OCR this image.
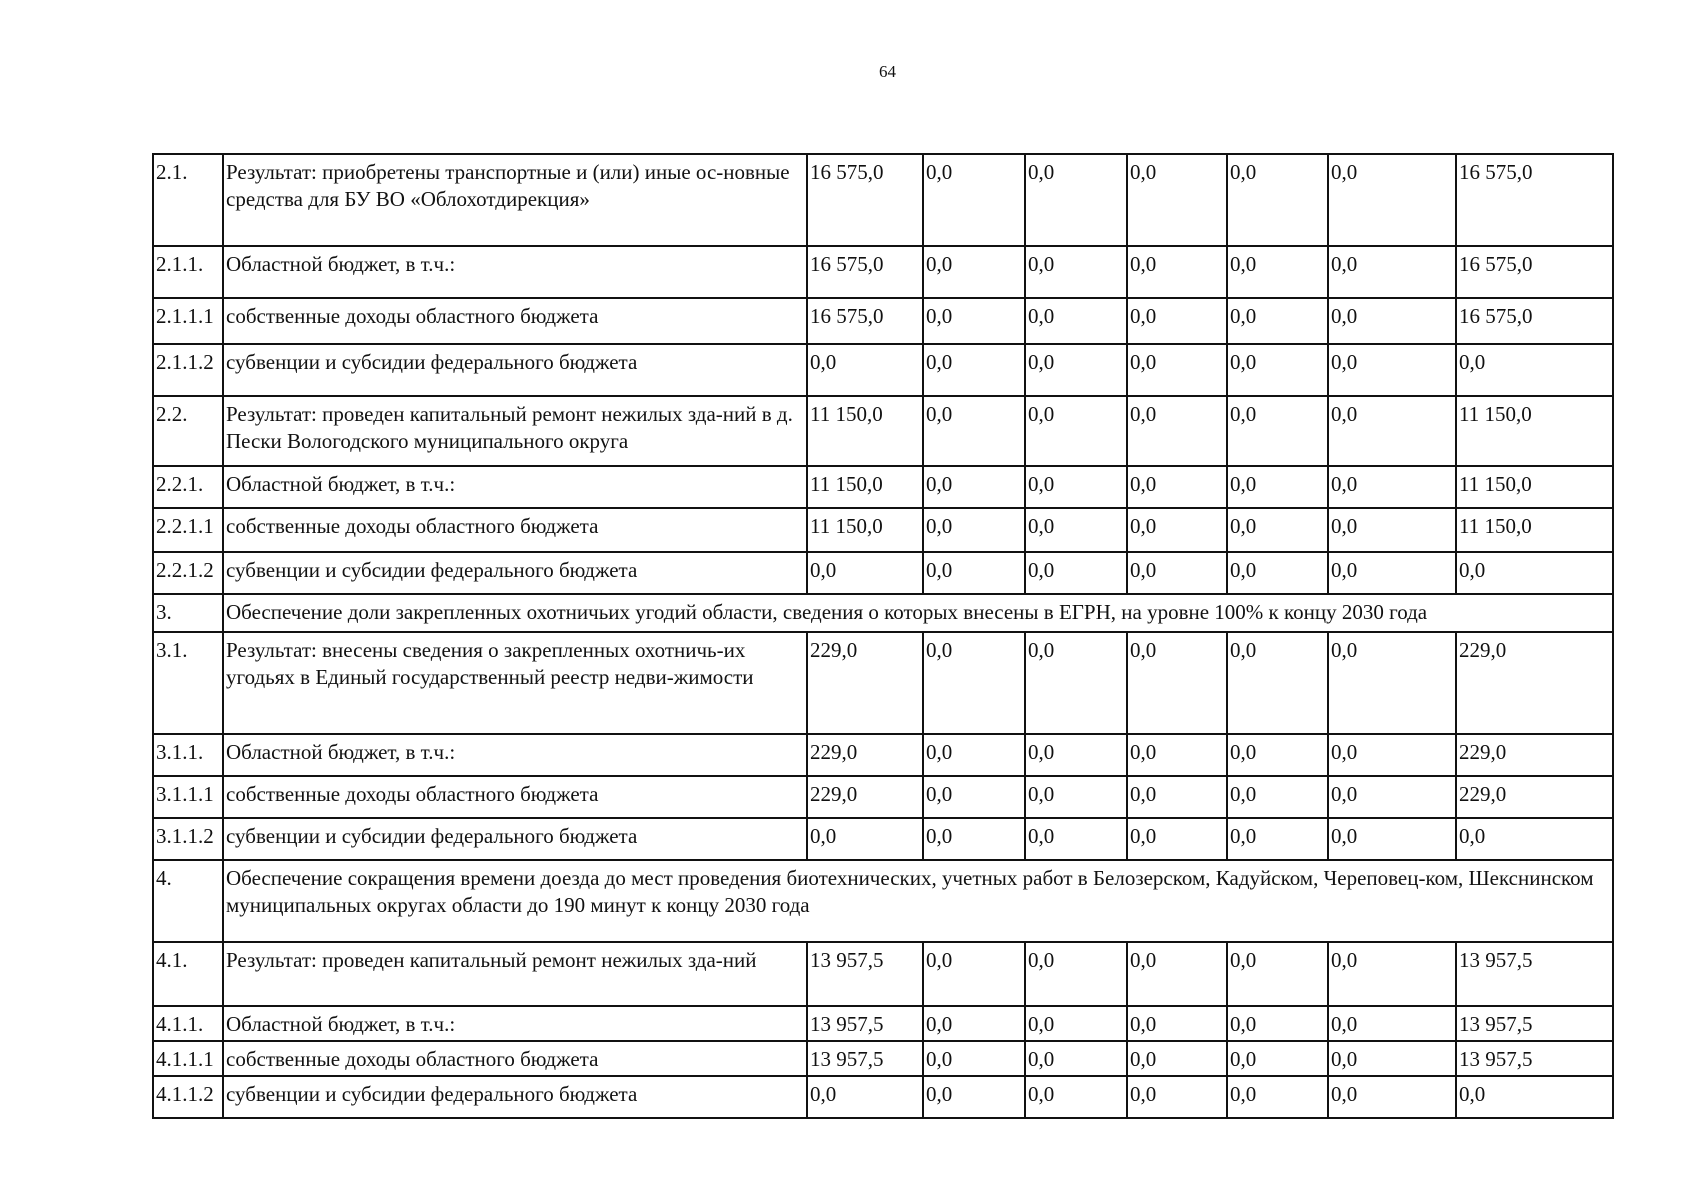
64
2.1.	Результат: приобретены транспортные и (или) иные ос-новные средства для БУ ВО «Облохотдирекция»	16 575,0	0,0	0,0	0,0	0,0	0,0	16 575,0
2.1.1.	Областной бюджет, в т.ч.:	16 575,0	0,0	0,0	0,0	0,0	0,0	16 575,0
2.1.1.1	собственные доходы областного бюджета	16 575,0	0,0	0,0	0,0	0,0	0,0	16 575,0
2.1.1.2	субвенции и субсидии федерального бюджета	0,0	0,0	0,0	0,0	0,0	0,0	0,0
2.2.	Результат: проведен капитальный ремонт нежилых зда-ний в д. Пески Вологодского муниципального округа	11 150,0	0,0	0,0	0,0	0,0	0,0	11 150,0
2.2.1.	Областной бюджет, в т.ч.:	11 150,0	0,0	0,0	0,0	0,0	0,0	11 150,0
2.2.1.1	собственные доходы областного бюджета	11 150,0	0,0	0,0	0,0	0,0	0,0	11 150,0
2.2.1.2	субвенции и субсидии федерального бюджета	0,0	0,0	0,0	0,0	0,0	0,0	0,0
3.	Обеспечение доли закрепленных охотничьих угодий области, сведения о которых внесены в ЕГРН, на уровне 100% к концу 2030 года							
3.1.	Результат: внесены сведения о закрепленных охотничь-их угодьях в Единый государственный реестр недви-жимости	229,0	0,0	0,0	0,0	0,0	0,0	229,0
3.1.1.	Областной бюджет, в т.ч.:	229,0	0,0	0,0	0,0	0,0	0,0	229,0
3.1.1.1	собственные доходы областного бюджета	229,0	0,0	0,0	0,0	0,0	0,0	229,0
3.1.1.2	субвенции и субсидии федерального бюджета	0,0	0,0	0,0	0,0	0,0	0,0	0,0
4.	Обеспечение сокращения времени доезда до мест проведения биотехнических, учетных работ в Белозерском, Кадуйском, Череповец-ком, Шекснинском муниципальных округах области до 190 минут к концу 2030 года							
4.1.	Результат: проведен капитальный ремонт нежилых зда-ний	13 957,5	0,0	0,0	0,0	0,0	0,0	13 957,5
4.1.1.	Областной бюджет, в т.ч.:	13 957,5	0,0	0,0	0,0	0,0	0,0	13 957,5
4.1.1.1	собственные доходы областного бюджета	13 957,5	0,0	0,0	0,0	0,0	0,0	13 957,5
4.1.1.2	субвенции и субсидии федерального бюджета	0,0	0,0	0,0	0,0	0,0	0,0	0,0
